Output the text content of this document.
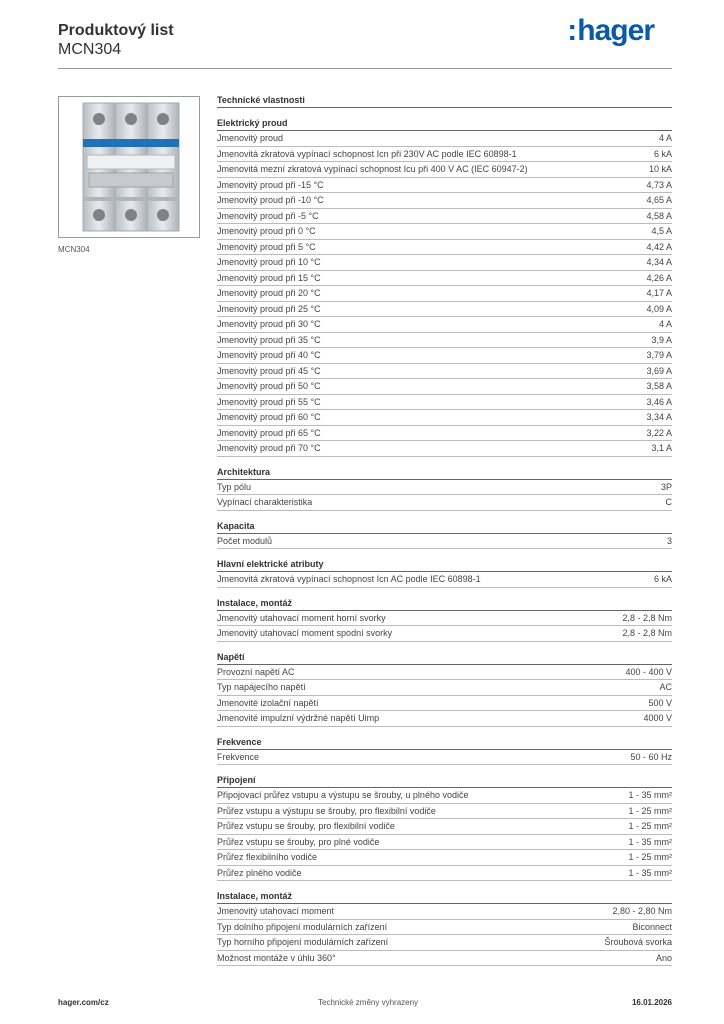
Produktový list
MCN304
:hager
MCN304
Technické vlastnosti
Elektrický proud
Jmenovitý proud	4 A
Jmenovitá zkratová vypínací schopnost Icn při 230V AC podle IEC 60898-1	6 kA
Jmenovitá mezní zkratová vypínací schopnost Icu při 400 V AC (IEC 60947-2)	10 kA
Jmenovitý proud při -15 °C	4,73 A
Jmenovitý proud při -10 °C	4,65 A
Jmenovitý proud při -5 °C	4,58 A
Jmenovitý proud při 0 °C	4,5 A
Jmenovitý proud při 5 °C	4,42 A
Jmenovitý proud při 10 °C	4,34 A
Jmenovitý proud při 15 °C	4,26 A
Jmenovitý proud při 20 °C	4,17 A
Jmenovitý proud při 25 °C	4,09 A
Jmenovitý proud při 30 °C	4 A
Jmenovitý proud při 35 °C	3,9 A
Jmenovitý proud při 40 °C	3,79 A
Jmenovitý proud při 45 °C	3,69 A
Jmenovitý proud při 50 °C	3,58 A
Jmenovitý proud při 55 °C	3,46 A
Jmenovitý proud při 60 °C	3,34 A
Jmenovitý proud při 65 °C	3,22 A
Jmenovitý proud při 70 °C	3,1 A
Architektura
Typ pólu	3P
Vypínací charakteristika	C
Kapacita
Počet modulů	3
Hlavní elektrické atributy
Jmenovitá zkratová vypínací schopnost Icn AC podle IEC 60898-1	6 kA
Instalace, montáž
Jmenovitý utahovací moment horní svorky	2,8 - 2,8 Nm
Jmenovitý utahovací moment spodní svorky	2,8 - 2,8 Nm
Napětí
Provozní napětí AC	400 - 400 V
Typ napájecího napětí	AC
Jmenovité izolační napětí	500 V
Jmenovité impulzní výdržné napětí Uimp	4000 V
Frekvence
Frekvence	50 - 60 Hz
Připojení
Připojovací průřez vstupu a výstupu se šrouby, u plného vodiče	1 - 35 mm²
Průřez vstupu a výstupu se šrouby, pro flexibilní vodiče	1 - 25 mm²
Průřez vstupu se šrouby, pro flexibilní vodiče	1 - 25 mm²
Průřez vstupu se šrouby, pro plné vodiče	1 - 35 mm²
Průřez flexibilního vodiče	1 - 25 mm²
Průřez plného vodiče	1 - 35 mm²
Instalace, montáž
Jmenovitý utahovací moment	2,80 - 2,80 Nm
Typ dolního připojení modulárních zařízení	Biconnect
Typ horního připojení modulárních zařízení	Šroubová svorka
Možnost montáže v úhlu 360°	Ano
hager.com/cz	Technické změny vyhrazeny	16.01.2026
